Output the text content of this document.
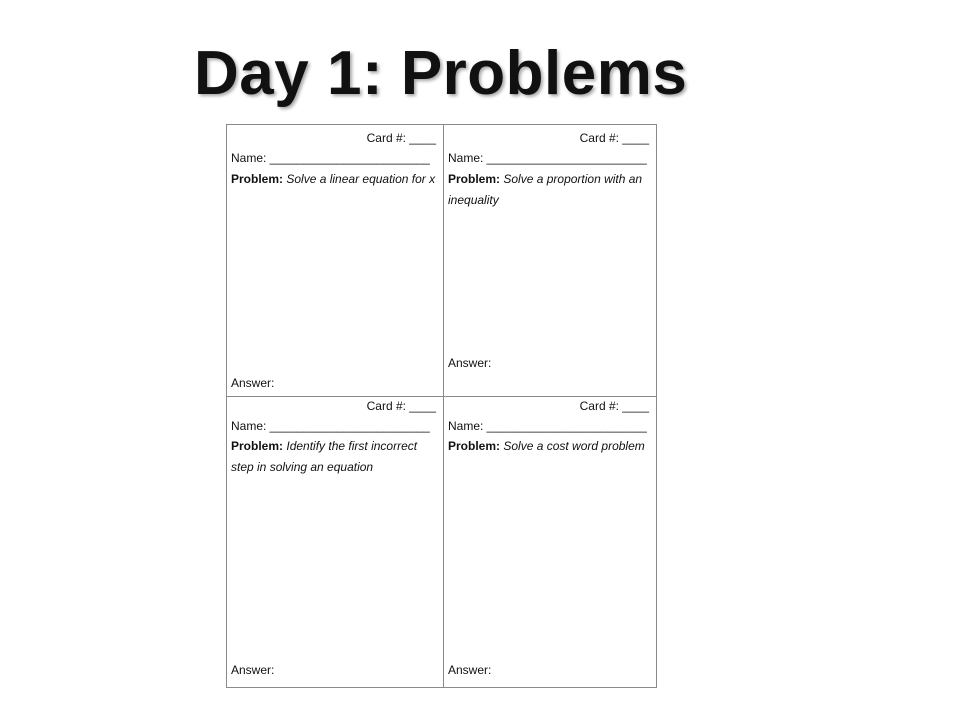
Day 1: Problems
Card #: ____
Name: ________________________
Problem: Solve a linear equation for x
Answer:
Card #: ____
Name: ________________________
Problem: Solve a proportion with an inequality
Answer:
Card #: ____
Name: ________________________
Problem: Identify the first incorrect step in solving an equation
Answer:
Card #: ____
Name: ________________________
Problem: Solve a cost word problem
Answer:
